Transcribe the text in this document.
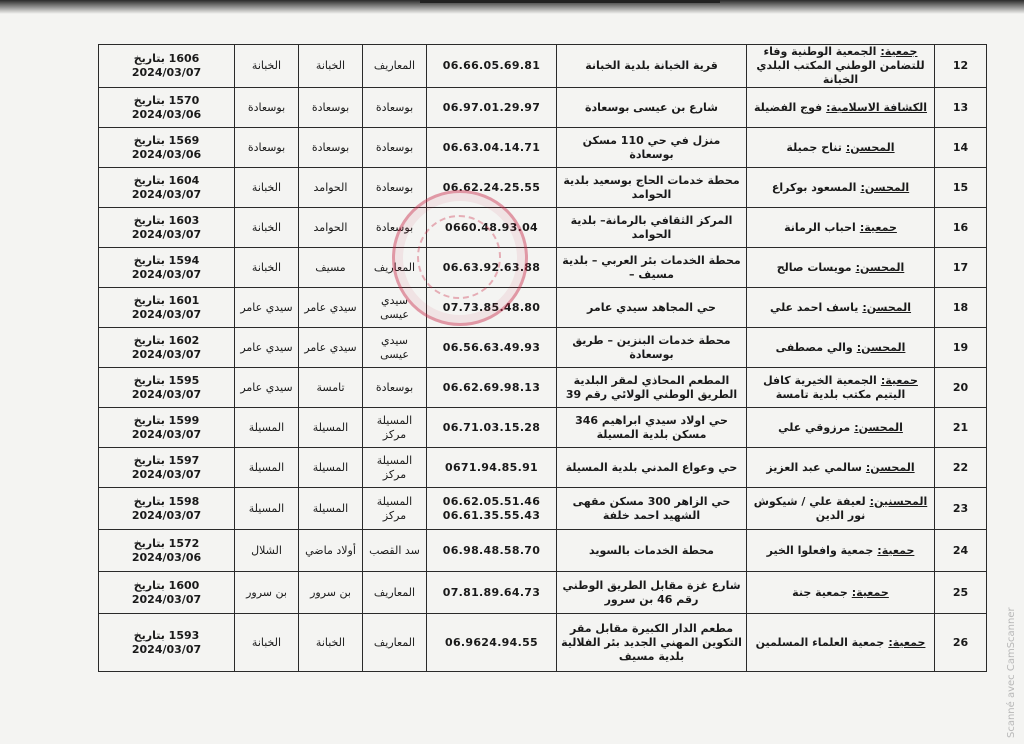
12	جمعية:الجمعية الوطنية وفاء للتضامن الوطني المكتب البلدي الخبانة	قرية الخبانة بلدية الخبانة	06.66.05.69.81	المعاريف	الخبانة	الخبانة	1606 بتاريخ
2024/03/07

13	الكشافة الاسلامية:فوج الفضيلة	شارع بن عيسى بوسعادة	06.97.01.29.97	بوسعادة	بوسعادة	بوسعادة	1570 بتاريخ
2024/03/06

14	المحسن:تناح جميلة	منزل في حي 110 مسكن بوسعادة	06.63.04.14.71	بوسعادة	بوسعادة	بوسعادة	1569 بتاريخ
2024/03/06

15	المحسن:المسعود بوكراع	محطة خدمات الحاج بوسعيد بلدية الحوامد	06.62.24.25.55	بوسعادة	الحوامد	الخبانة	1604 بتاريخ
2024/03/07

16	جمعية:احباب الرمانة	المركز الثقافي بالرمانة– بلدية الحوامد	0660.48.93.04	بوسعادة	الحوامد	الخبانة	1603 بتاريخ
2024/03/07

17	المحسن:مويسات صالح	محطة الخدمات بئر العربي – بلدية مسيف –	06.63.92.63.88	المعاريف	مسيف	الخبانة	1594 بتاريخ
2024/03/07

18	المحسن:ياسف احمد علي	حي المجاهد سيدي عامر	07.73.85.48.80	سيدي عيسى	سيدي عامر	سيدي عامر	1601 بتاريخ
2024/03/07

19	المحسن:والي مصطفى	محطة خدمات البنزين – طريق بوسعادة	06.56.63.49.93	سيدي عيسى	سيدي عامر	سيدي عامر	1602 بتاريخ
2024/03/07

20	جمعية:الجمعية الخيرية كافل اليتيم مكتب بلدية تامسة	المطعم المحاذي لمقر البلدية الطريق الوطني الولائي رقم 39	06.62.69.98.13	بوسعادة	تامسة	سيدي عامر	1595 بتاريخ
2024/03/07

21	المحسن:مرزوقي علي	حي اولاد سيدي ابراهيم 346 مسكن بلدية المسيلة	06.71.03.15.28	المسيلة مركز	المسيلة	المسيلة	1599 بتاريخ
2024/03/07

22	المحسن:سالمي عبد العزيز	حي وعواع المدني بلدية المسيلة	0671.94.85.91	المسيلة مركز	المسيلة	المسيلة	1597 بتاريخ
2024/03/07

23	المحسنين:لعيفة علي / شيكوش نور الدين	حي الزاهر 300 مسكن مقهى الشهيد احمد خلفة	06.62.05.51.46 06.61.35.55.43	المسيلة مركز	المسيلة	المسيلة	1598 بتاريخ
2024/03/07

24	جمعية:جمعية وافعلوا الخير	محطة الخدمات بالسويد	06.98.48.58.70	سد القصب	أولاد ماضي	الشلال	1572 بتاريخ
2024/03/06

25	جمعية:جمعية جنة	شارع غزة مقابل الطريق الوطني رقم 46 بن سرور	07.81.89.64.73	المعاريف	بن سرور	بن سرور	1600 بتاريخ
2024/03/07

26	جمعية:جمعية العلماء المسلمين	مطعم الدار الكبيرة مقابل مقر التكوين المهني الجديد بئر الفلالية بلدية مسيف	06.9624.94.55	المعاريف	الخبانة	الخبانة	1593 بتاريخ
2024/03/07	Scanné avec CamScanner
